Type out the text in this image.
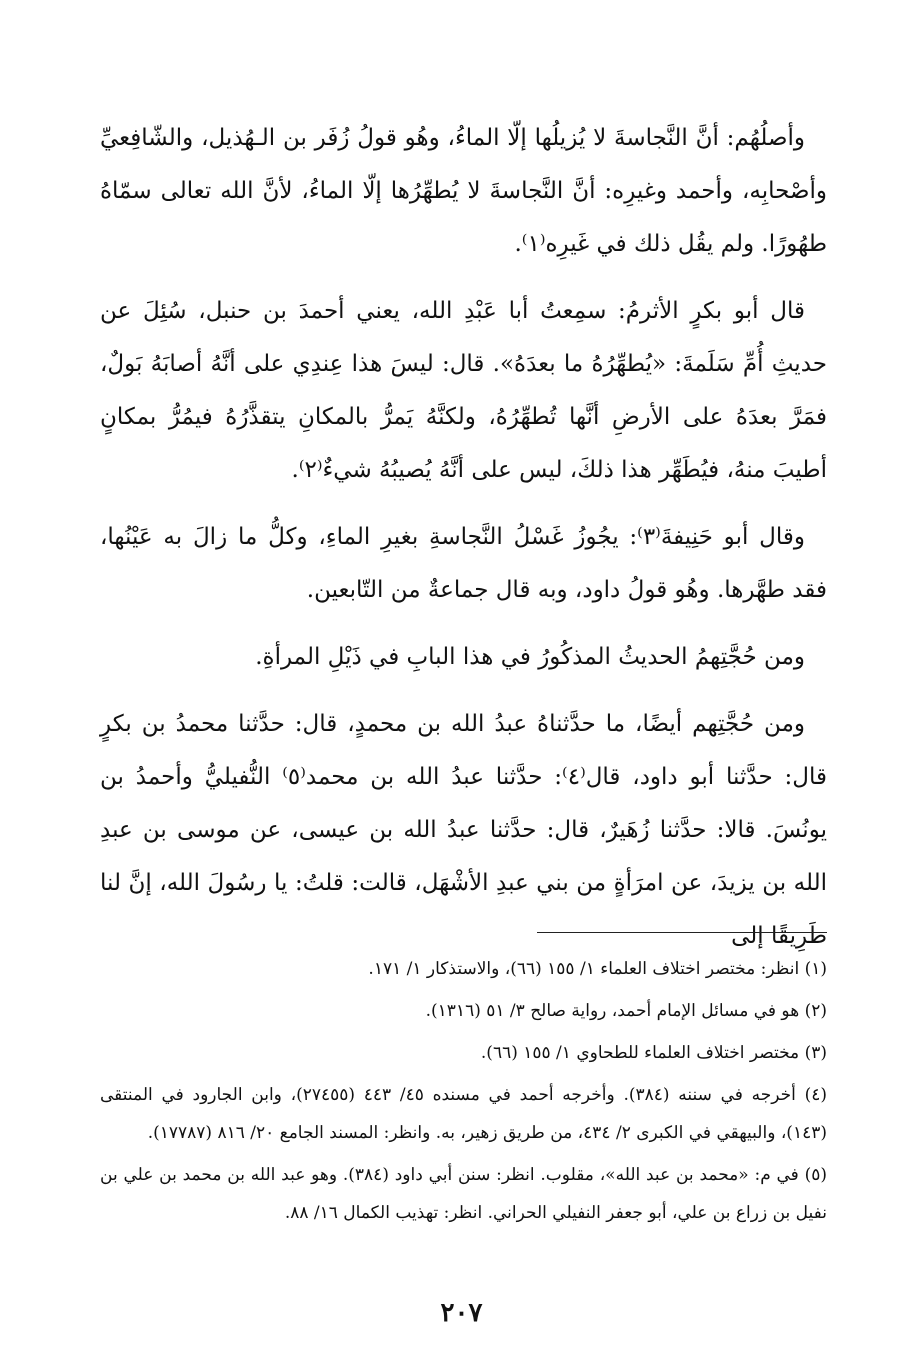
وأصلُهُم: أنَّ النَّجاسةَ لا يُزيلُها إلّا الماءُ، وهُو قولُ زُفَر بن الـهُذيل، والشّافِعيِّ وأصْحابِه، وأحمد وغيرِه: أنَّ النَّجاسةَ لا يُطهِّرُها إلّا الماءُ، لأنَّ الله تعالى سمّاهُ طهُورًا. ولم يقُل ذلك في غَيرِه⁽١⁾.

قال أبو بكرٍ الأثرمُ: سمِعتُ أبا عَبْدِ الله، يعني أحمدَ بن حنبل، سُئِلَ عن حديثِ أُمِّ سَلَمةَ: «يُطهِّرُهُ ما بعدَهُ». قال: ليسَ هذا عِندِي على أنَّهُ أصابَهُ بَولٌ، فمَرَّ بعدَهُ على الأرضِ أنَّها تُطهِّرُهُ، ولكنَّهُ يَمرُّ بالمكانِ يتقذَّرُهُ فيمُرُّ بمكانٍ أطيبَ منهُ، فيُطَهِّر هذا ذلكَ، ليس على أنَّهُ يُصيبُهُ شيءٌ⁽٢⁾.

وقال أبو حَنِيفةَ⁽٣⁾: يجُوزُ غَسْلُ النَّجاسةِ بغيرِ الماءِ، وكلُّ ما زالَ به عَيْنُها، فقد طهَّرها. وهُو قولُ داود، وبه قال جماعةٌ من التّابعين.

ومن حُجَّتِهمُ الحديثُ المذكُورُ في هذا البابِ في ذَيْلِ المرأةِ.

ومن حُجَّتِهم أيضًا، ما حدَّثناهُ عبدُ الله بن محمدٍ، قال: حدَّثنا محمدُ بن بكرٍ قال: حدَّثنا أبو داود، قال⁽٤⁾: حدَّثنا عبدُ الله بن محمد⁽٥⁾ النُّفيليُّ وأحمدُ بن يونُسَ. قالا: حدَّثنا زُهَيرٌ، قال: حدَّثنا عبدُ الله بن عيسى، عن موسى بن عبدِ الله بن يزيدَ، عن امرَأةٍ من بني عبدِ الأشْهَل، قالت: قلتُ: يا رسُولَ الله، إنَّ لنا طَرِيقًا إلى

(١) انظر: مختصر اختلاف العلماء ١/ ١٥٥ (٦٦)، والاستذكار ١/ ١٧١.

(٢) هو في مسائل الإمام أحمد، رواية صالح ٣/ ٥١ (١٣١٦).

(٣) مختصر اختلاف العلماء للطحاوي ١/ ١٥٥ (٦٦).

(٤) أخرجه في سننه (٣٨٤). وأخرجه أحمد في مسنده ٤٥/ ٤٤٣ (٢٧٤٥٥)، وابن الجارود في المنتقى (١٤٣)، والبيهقي في الكبرى ٢/ ٤٣٤، من طريق زهير، به. وانظر: المسند الجامع ٢٠/ ٨١٦ (١٧٧٨٧).

(٥) في م: «محمد بن عبد الله»، مقلوب. انظر: سنن أبي داود (٣٨٤). وهو عبد الله بن محمد بن علي بن نفيل بن زراع بن علي، أبو جعفر النفيلي الحراني. انظر: تهذيب الكمال ١٦/ ٨٨.

٢٠٧
